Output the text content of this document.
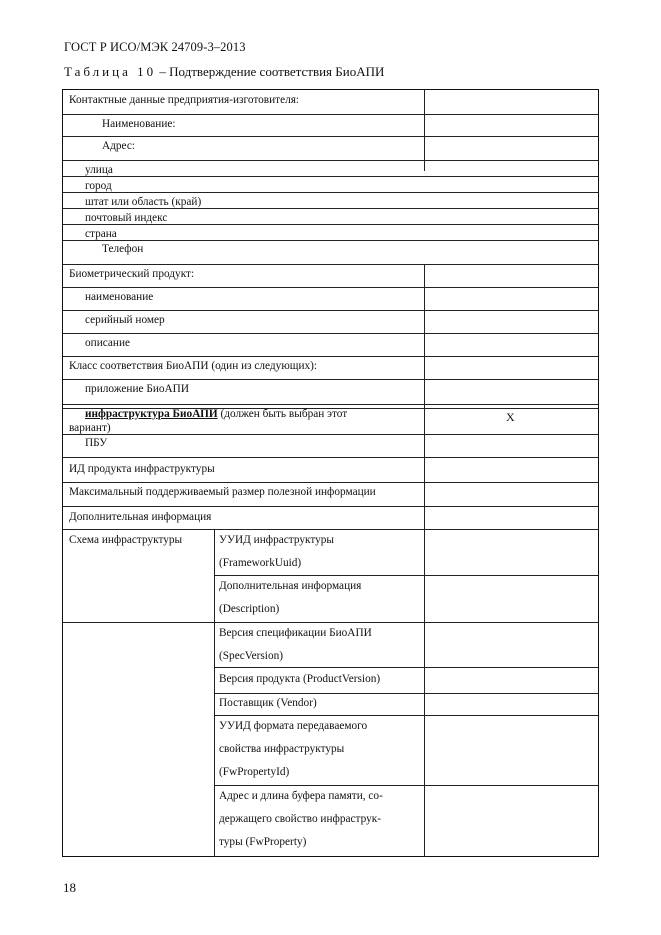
ГОСТ Р ИСО/МЭК 24709-3–2013
Таблица 10 – Подтверждение соответствия БиоАПИ
Контактные данные предприятия-изготовителя:
Наименование:
Адрес:
улица
город
штат или область (край)
почтовый индекс
страна
Телефон
Биометрический продукт:
наименование
серийный номер
описание
Класс соответствия БиоАПИ (один из следующих):
приложение БиоАПИ
инфраструктура БиоАПИ (должен быть выбран этот
вариант)
X
ПБУ
ИД продукта инфраструктуры
Максимальный поддерживаемый размер полезной информации
Дополнительная информация
Схема инфраструктуры	УУИД инфраструктуры
(FrameworkUuid)
Дополнительная информация
(Description)
Версия спецификации БиоАПИ
(SpecVersion)
Версия продукта (ProductVersion)
Поставщик (Vendor)
УУИД формата передаваемого
свойства инфраструктуры
(FwPropertyId)
Адрес и длина буфера памяти, со-
держащего свойство инфраструк-
туры (FwProperty)
18
